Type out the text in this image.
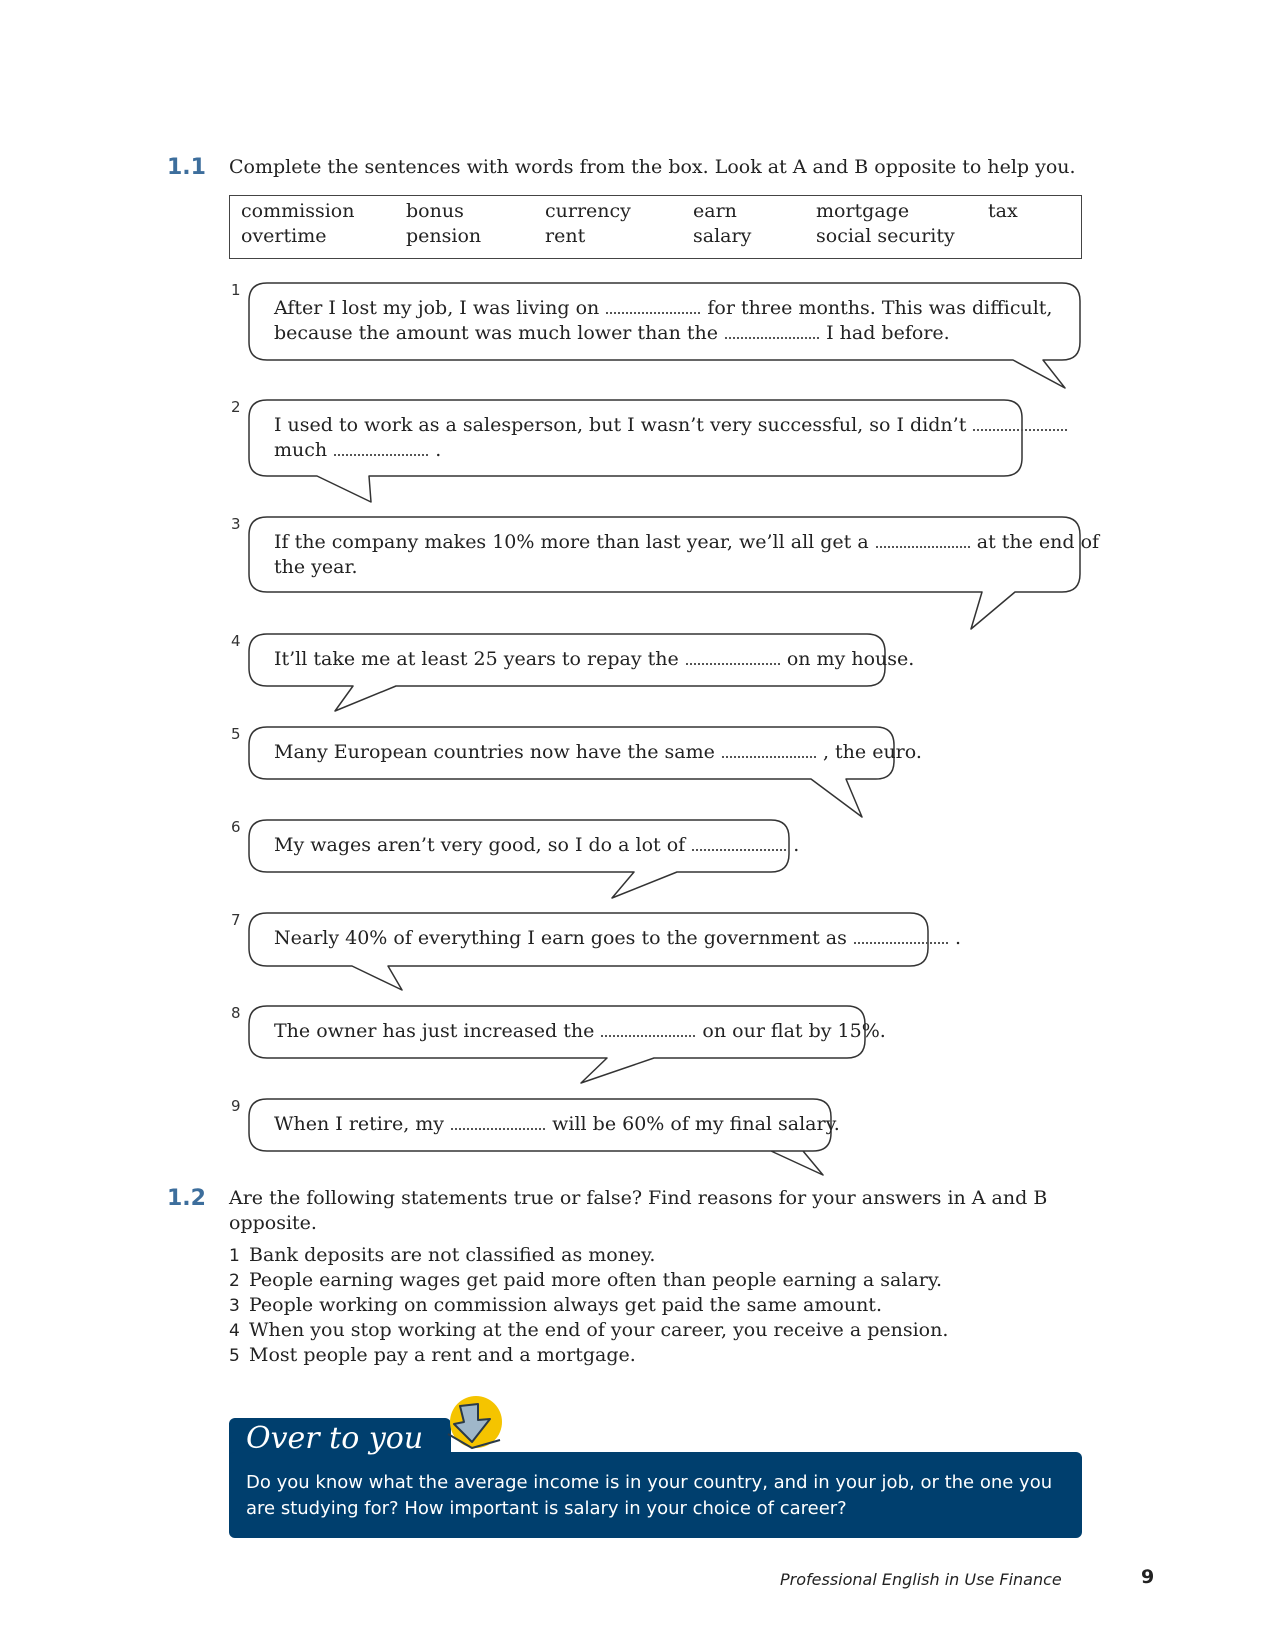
1.1 Complete the sentences with words from the box. Look at A and B opposite to help you.
commission	bonus	currency	earn	mortgage	tax
overtime	pension	rent	salary	social security
1
After I lost my job, I was living on	for three months. This was difficult,
because the amount was much lower than the	I had before.
2
I used to work as a salesperson, but I wasn’t very successful, so I didn’t
much	.
3
If the company makes 10% more than last year, we’ll all get a	at the end of
the year.
4
It’ll take me at least 25 years to repay the	on my house.
5
Many European countries now have the same	, the euro.
6
My wages aren’t very good, so I do a lot of	.
7
Nearly 40% of everything I earn goes to the government as	.
8
The owner has just increased the	on our flat by 15%.
9
When I retire, my	will be 60% of my final salary.
1.2 Are the following statements true or false? Find reasons for your answers in A and B
opposite.
1 Bank deposits are not classified as money.
2 People earning wages get paid more often than people earning a salary.
3 People working on commission always get paid the same amount.
4 When you stop working at the end of your career, you receive a pension.
5 Most people pay a rent and a mortgage.
Over to you
Do you know what the average income is in your country, and in your job, or the one you
are studying for? How important is salary in your choice of career?
Professional English in Use Finance	9
